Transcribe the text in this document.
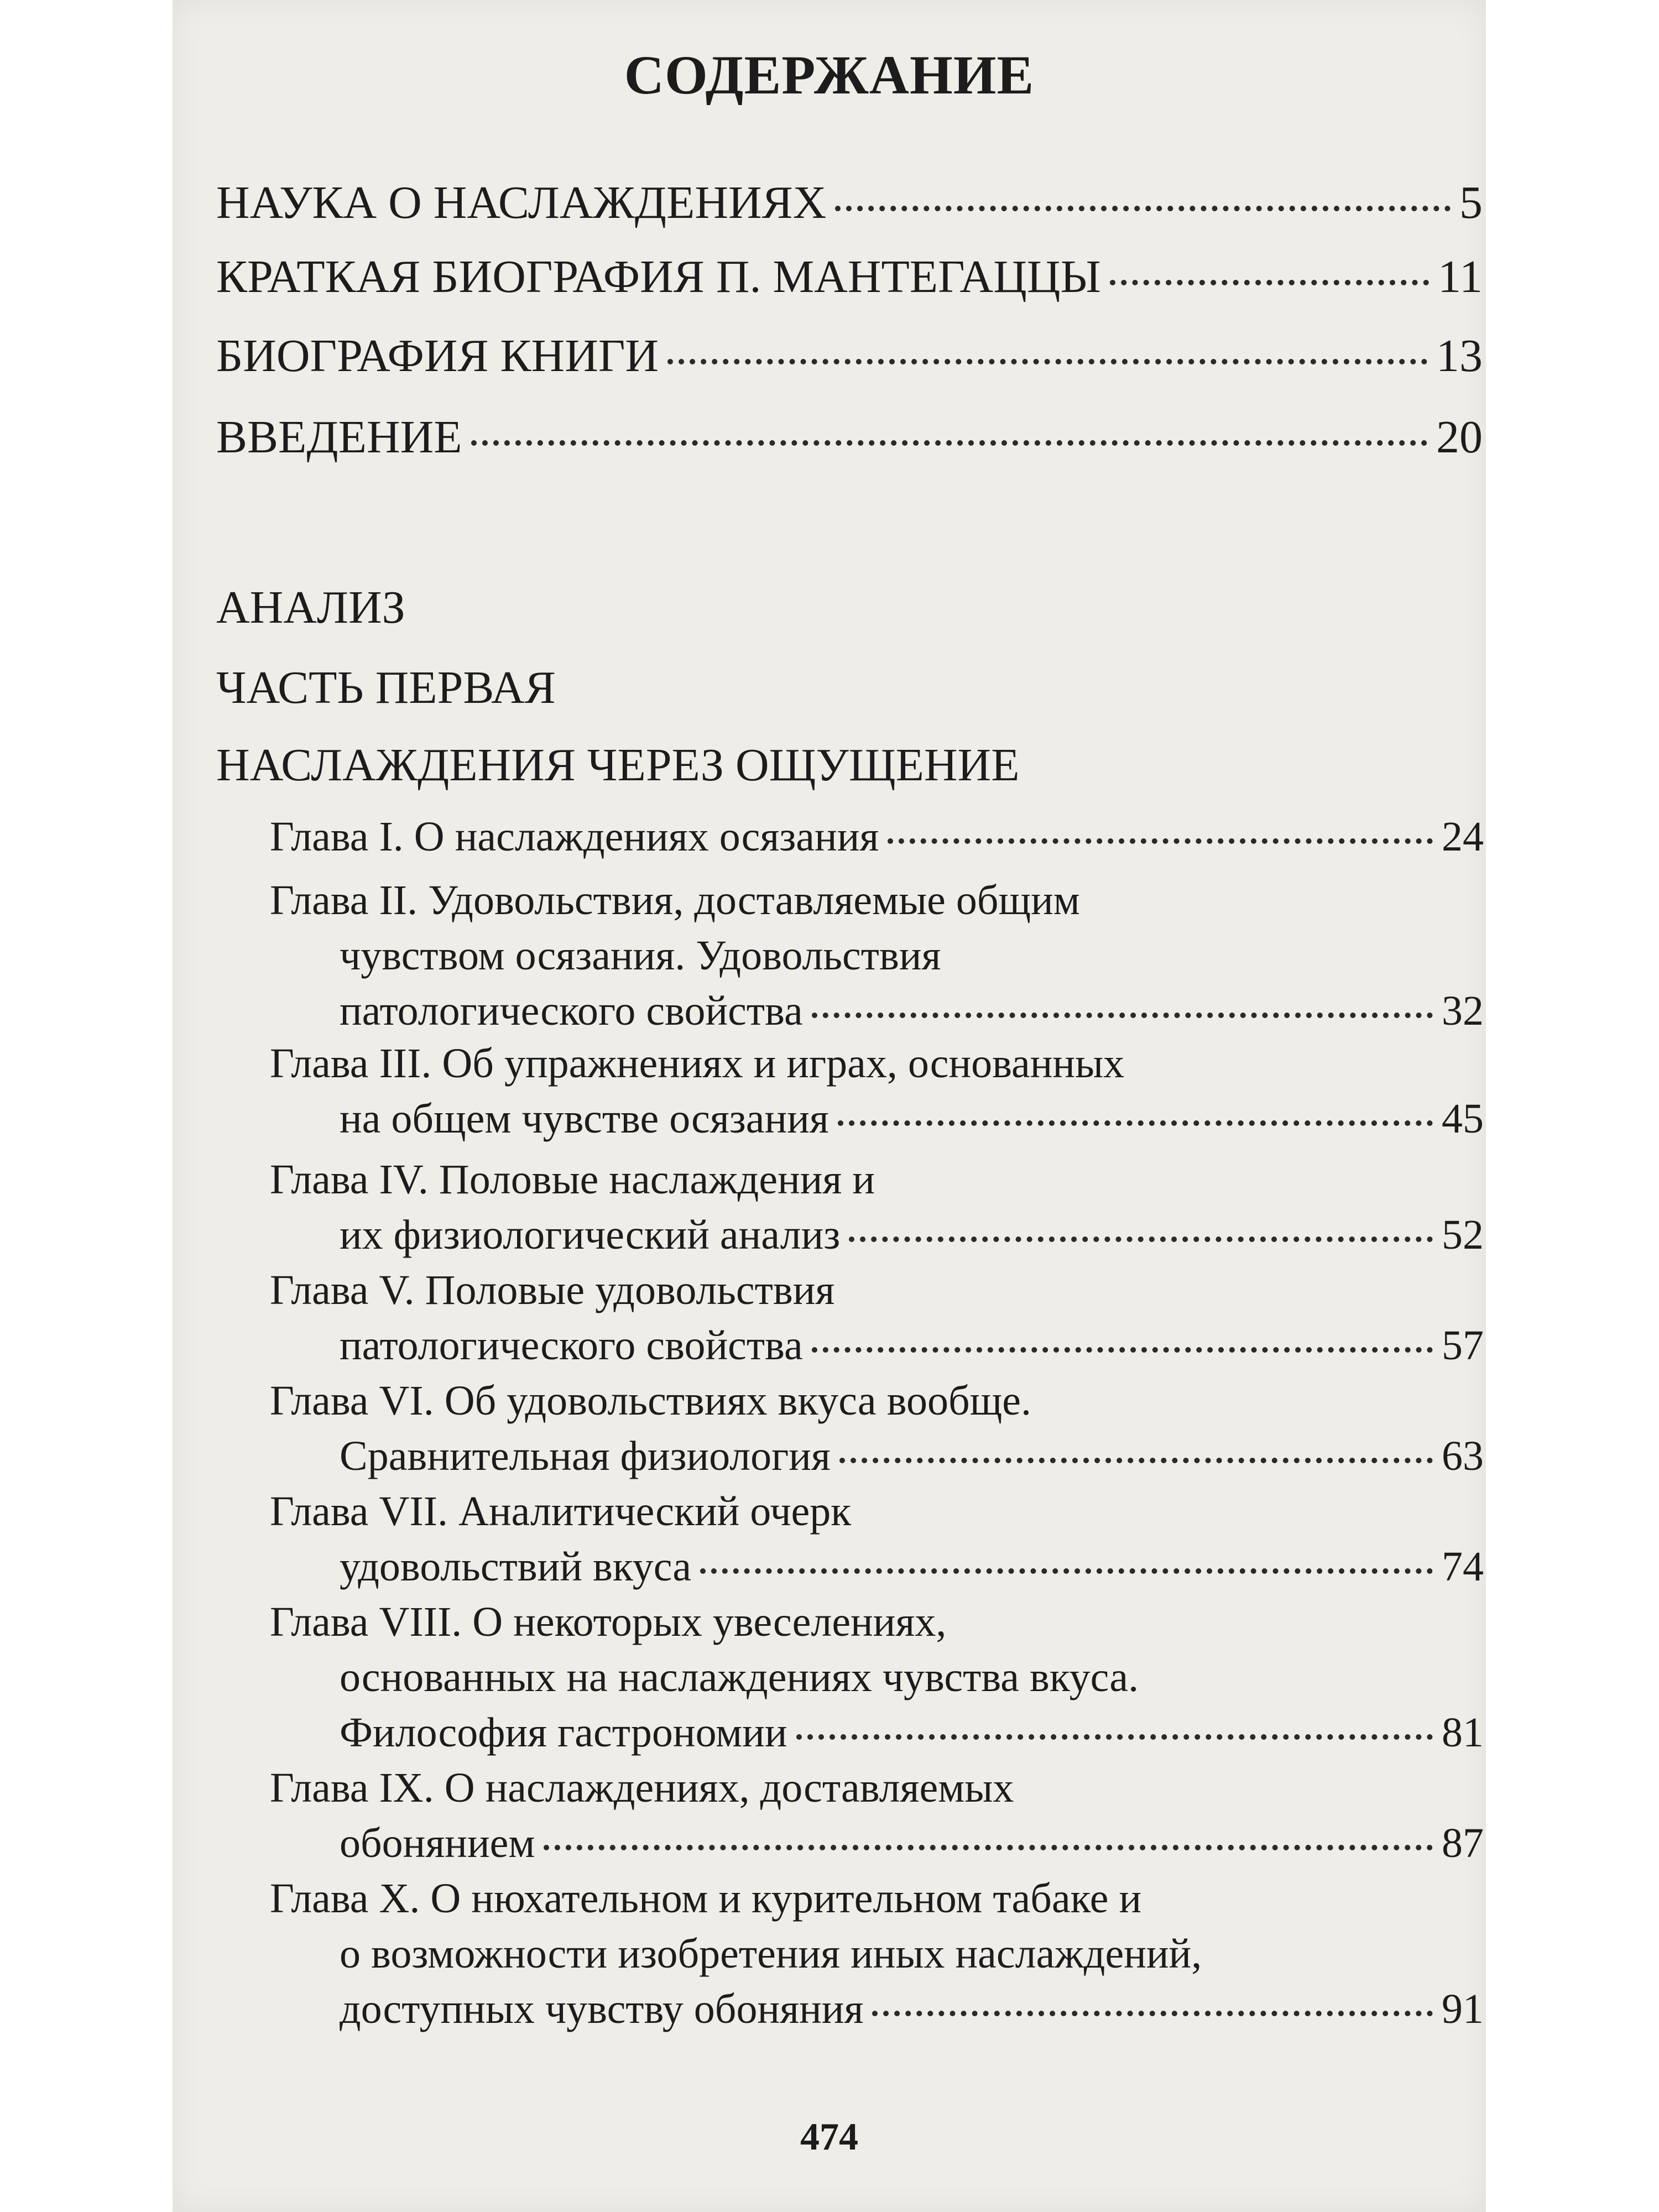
СОДЕРЖАНИЕ
НАУКА О НАСЛАЖДЕНИЯХ	5
КРАТКАЯ БИОГРАФИЯ П. МАНТЕГАЦЦЫ	11
БИОГРАФИЯ КНИГИ	13
ВВЕДЕНИЕ	20
АНАЛИЗ
ЧАСТЬ ПЕРВАЯ
НАСЛАЖДЕНИЯ ЧЕРЕЗ ОЩУЩЕНИЕ
Глава I. О наслаждениях осязания	24
Глава II. Удовольствия, доставляемые общим
чувством осязания. Удовольствия
патологического свойства	32
Глава III. Об упражнениях и играх, основанных
на общем чувстве осязания	45
Глава IV. Половые наслаждения и
их физиологический анализ	52
Глава V. Половые удовольствия
патологического свойства	57
Глава VI. Об удовольствиях вкуса вообще.
Сравнительная физиология	63
Глава VII. Аналитический очерк
удовольствий вкуса	74
Глава VIII. О некоторых увеселениях,
основанных на наслаждениях чувства вкуса.
Философия гастрономии	81
Глава IX. О наслаждениях, доставляемых
обонянием	87
Глава X. О нюхательном и курительном табаке и
о возможности изобретения иных наслаждений,
доступных чувству обоняния	91
474
